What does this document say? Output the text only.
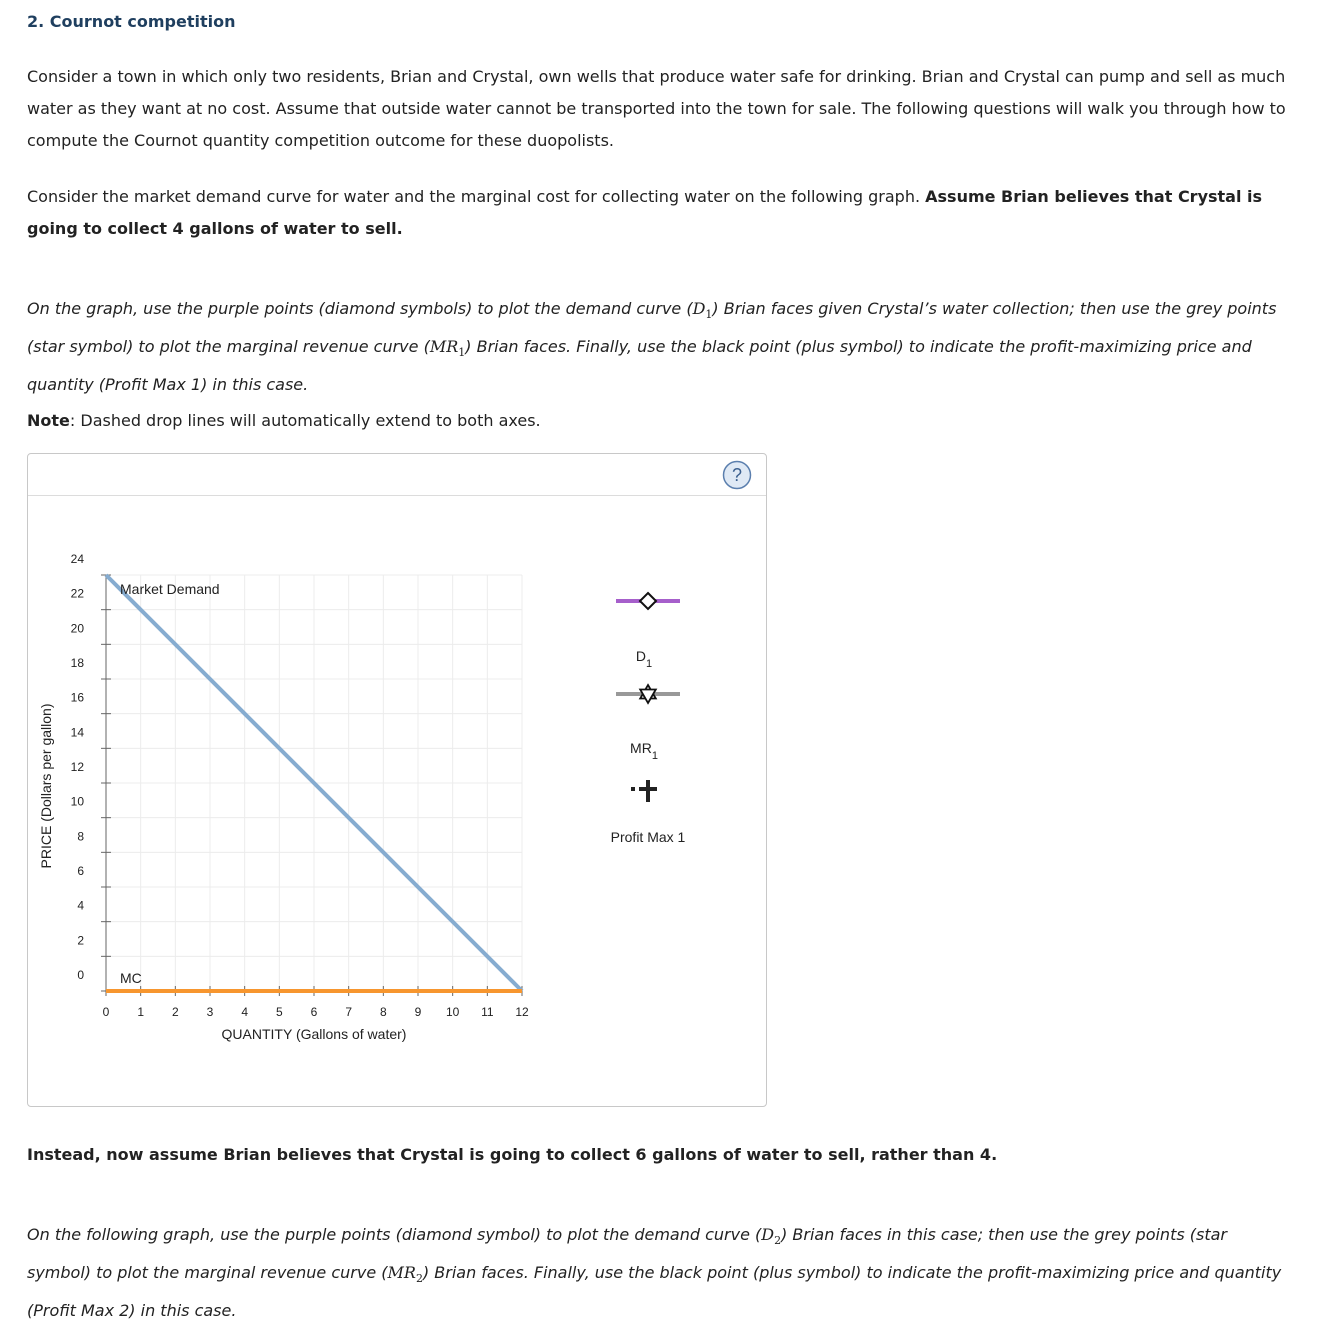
2. Cournot competition
Consider a town in which only two residents, Brian and Crystal, own wells that produce water safe for drinking. Brian and Crystal can pump and sell as much water as they want at no cost. Assume that outside water cannot be transported into the town for sale. The following questions will walk you through how to compute the Cournot quantity competition outcome for these duopolists.
Consider the market demand curve for water and the marginal cost for collecting water on the following graph. Assume Brian believes that Crystal is going to collect 4 gallons of water to sell.
On the graph, use the purple points (diamond symbols) to plot the demand curve $(D_1)$ Brian faces given Crystal’s water collection; then use the grey points (star symbol) to plot the marginal revenue curve $(MR_1)$ Brian faces. Finally, use the black point (plus symbol) to indicate the profit-maximizing price and quantity (Profit Max 1) in this case.
Note: Dashed drop lines will automatically extend to both axes.
?
0
2
4
6
8
10
12
14
16
18
20
22
24
0 1 2 3 4 5 6 7 8 9 10 11 12
QUANTITY (Gallons of water)
PRICE (Dollars per gallon)
Market Demand
MC
$D_1$
$MR_1$
Profit Max 1
Instead, now assume Brian believes that Crystal is going to collect 6 gallons of water to sell, rather than 4.
On the following graph, use the purple points (diamond symbol) to plot the demand curve $(D_2)$ Brian faces in this case; then use the grey points (star symbol) to plot the marginal revenue curve $(MR_2)$ Brian faces. Finally, use the black point (plus symbol) to indicate the profit-maximizing price and quantity (Profit Max 2) in this case.
